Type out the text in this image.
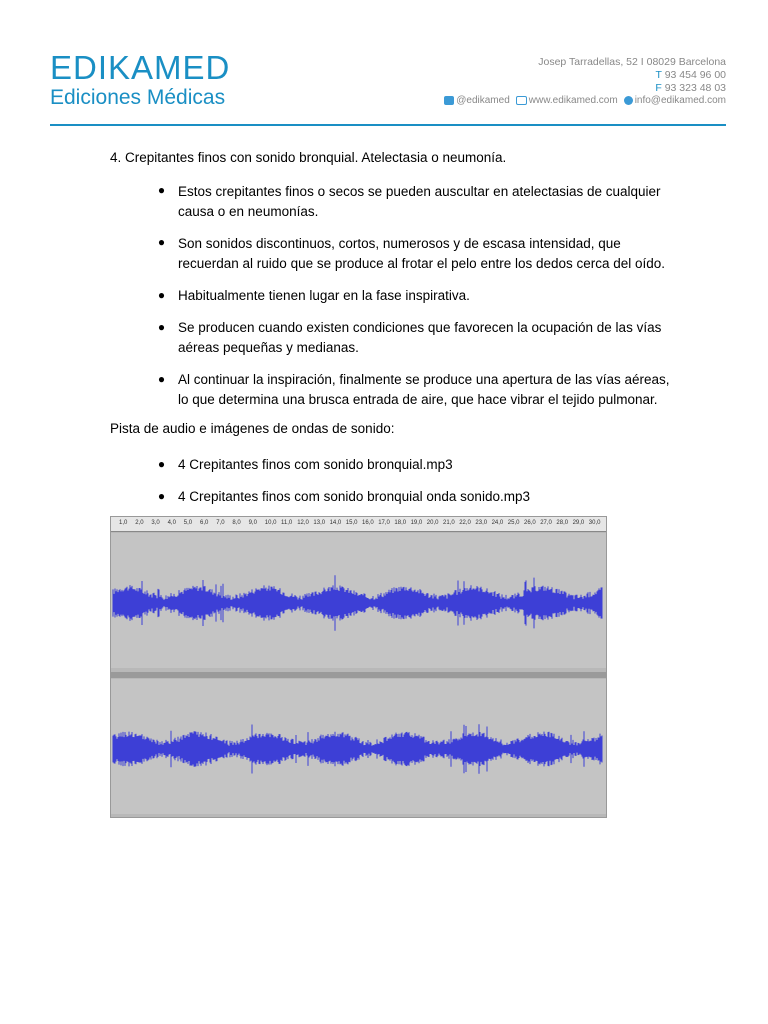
EDIKAMED
Ediciones Médicas
Josep Tarradellas, 52 I 08029 Barcelona
T 93 454 96 00
F 93 323 48 03
@edikamed	www.edikamed.com	info@edikamed.com
4. Crepitantes finos con sonido bronquial. Atelectasia o neumonía.
● Estos crepitantes finos o secos se pueden auscultar en atelectasias de cualquier
causa o en neumonías.
● Son sonidos discontinuos, cortos, numerosos y de escasa intensidad, que
recuerdan al ruido que se produce al frotar el pelo entre los dedos cerca del oído.
● Habitualmente tienen lugar en la fase inspirativa.
● Se producen cuando existen condiciones que favorecen la ocupación de las vías
aéreas pequeñas y medianas.
● Al continuar la inspiración, finalmente se produce una apertura de las vías aéreas,
lo que determina una brusca entrada de aire, que hace vibrar el tejido pulmonar.
Pista de audio e imágenes de ondas de sonido:
● 4 Crepitantes finos com sonido bronquial.mp3
● 4 Crepitantes finos com sonido bronquial onda sonido.mp3
1,0 2,0 3,0 4,0 5,0 6,0 7,0 8,0 9,0 10,0 11,0 12,0 13,0 14,0 15,0 16,0 17,0 18,0 19,0 20,0 21,0 22,0 23,0 24,0 25,0 26,0 27,0 28,0 29,0 30,0
